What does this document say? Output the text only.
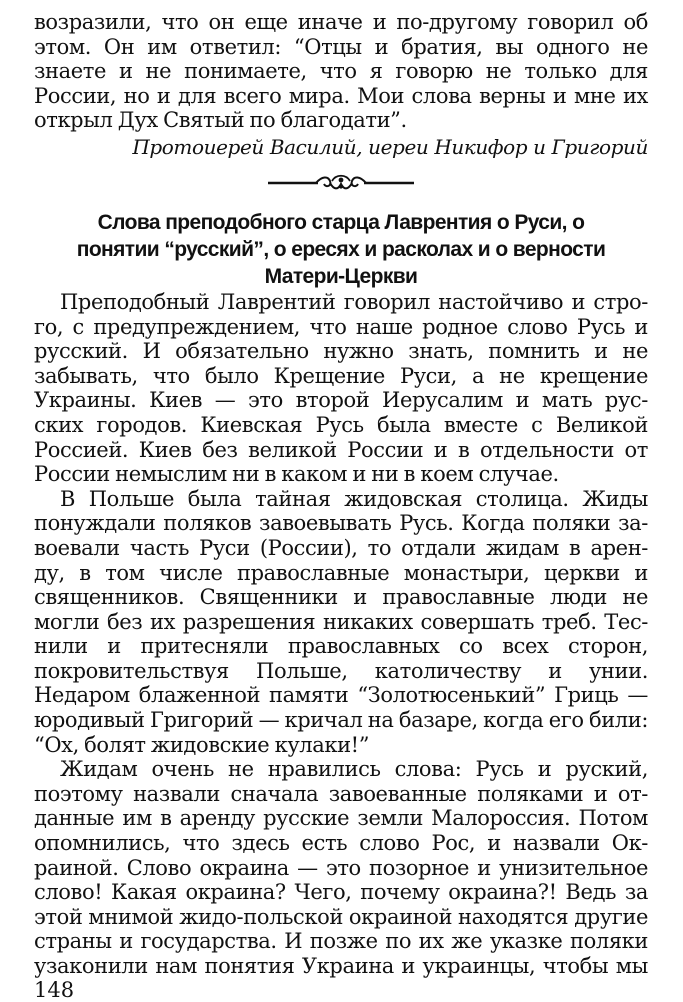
возразили, что он еще иначе и по-другому говорил об
этом. Он им ответил: “Отцы и братия, вы одного не
знаете и не понимаете, что я говорю не только для
России, но и для всего мира. Мои слова верны и мне их
открыл Дух Святый по благодати”.
Протоиерей Василий, иереи Никифор и Григорий
Слова преподобного старца Лаврентия о Руси, о
понятии “русский”, о ересях и расколах и о верности
Матери-Церкви
Преподобный Лаврентий говорил настойчиво и стро-
го, с предупреждением, что наше родное слово Русь и
русский. И обязательно нужно знать, помнить и не
забывать, что было Крещение Руси, а не крещение
Украины. Киев — это второй Иерусалим и мать рус-
ских городов. Киевская Русь была вместе с Великой
Россией. Киев без великой России и в отдельности от
России немыслим ни в каком и ни в коем случае.
В Польше была тайная жидовская столица. Жиды
понуждали поляков завоевывать Русь. Когда поляки за-
воевали часть Руси (России), то отдали жидам в арен-
ду, в том числе православные монастыри, церкви и
священников. Священники и православные люди не
могли без их разрешения никаких совершать треб. Тес-
нили и притесняли православных со всех сторон,
покровительствуя Польше, католичеству и унии.
Недаром блаженной памяти “Золотюсенький” Гриць —
юродивый Григорий — кричал на базаре, когда его били:
“Ох, болят жидовские кулаки!”
Жидам очень не нравились слова: Русь и руский,
поэтому назвали сначала завоеванные поляками и от-
данные им в аренду русские земли Малороссия. Потом
опомнились, что здесь есть слово Рос, и назвали Ок-
раиной. Слово окраина — это позорное и унизительное
слово! Какая окраина? Чего, почему окраина?! Ведь за
этой мнимой жидо-польской окраиной находятся другие
страны и государства. И позже по их же указке поляки
узаконили нам понятия Украина и украинцы, чтобы мы
148
